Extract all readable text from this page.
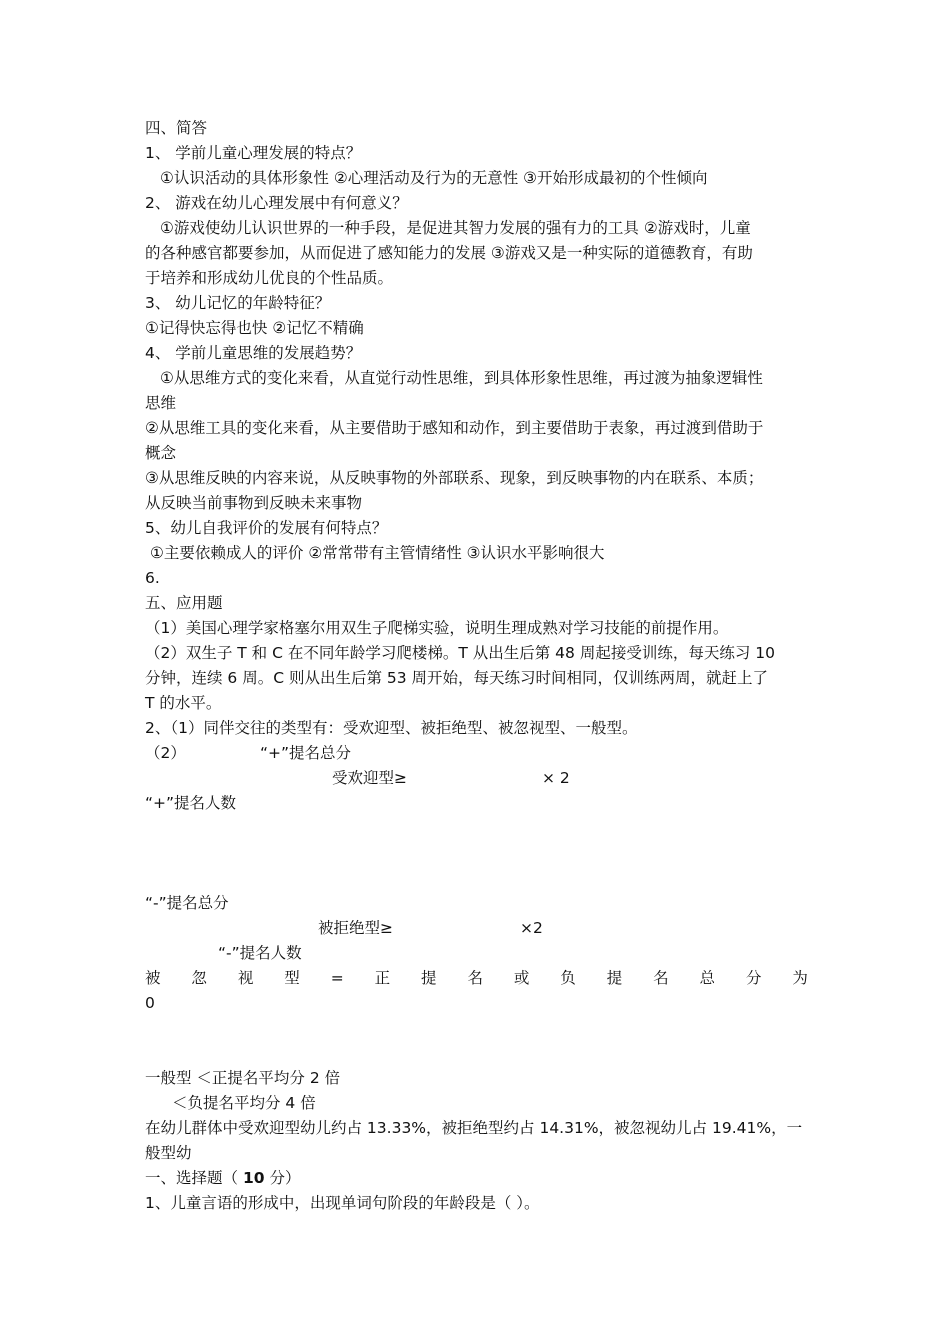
四、简答
1、 学前儿童心理发展的特点？
①认识活动的具体形象性 ②心理活动及行为的无意性 ③开始形成最初的个性倾向
2、 游戏在幼儿心理发展中有何意义？
①游戏使幼儿认识世界的一种手段，是促进其智力发展的强有力的工具 ②游戏时，儿童
的各种感官都要参加，从而促进了感知能力的发展 ③游戏又是一种实际的道德教育，有助
于培养和形成幼儿优良的个性品质。
3、 幼儿记忆的年龄特征？
①记得快忘得也快 ②记忆不精确
4、 学前儿童思维的发展趋势？
①从思维方式的变化来看，从直觉行动性思维，到具体形象性思维，再过渡为抽象逻辑性
思维
②从思维工具的变化来看，从主要借助于感知和动作，到主要借助于表象，再过渡到借助于
概念
③从思维反映的内容来说，从反映事物的外部联系、现象，到反映事物的内在联系、本质；
从反映当前事物到反映未来事物
5、幼儿自我评价的发展有何特点？
①主要依赖成人的评价 ②常常带有主管情绪性 ③认识水平影响很大
6.
五、应用题
（1）美国心理学家格塞尔用双生子爬梯实验，说明生理成熟对学习技能的前提作用。
（2）双生子 T 和 C 在不同年龄学习爬楼梯。T 从出生后第 48 周起接受训练，每天练习 10
分钟，连续 6 周。C 则从出生后第 53 周开始，每天练习时间相同，仅训练两周，就赶上了
T 的水平。
2、（1）同伴交往的类型有：受欢迎型、被拒绝型、被忽视型、一般型。
（2）	“+”提名总分
受欢迎型≥	× 2
“+”提名人数
“-”提名总分
被拒绝型≥	×2
“-”提名人数
被 忽 视 型 = 正 提 名 或 负 提 名 总 分 为
0
一般型 ＜正提名平均分 2 倍
＜负提名平均分 4 倍
在幼儿群体中受欢迎型幼儿约占 13.33%，被拒绝型约占 14.31%，被忽视幼儿占 19.41%，一
般型幼
一、选择题（ 10 分）
1、儿童言语的形成中，出现单词句阶段的年龄段是（ ）。
